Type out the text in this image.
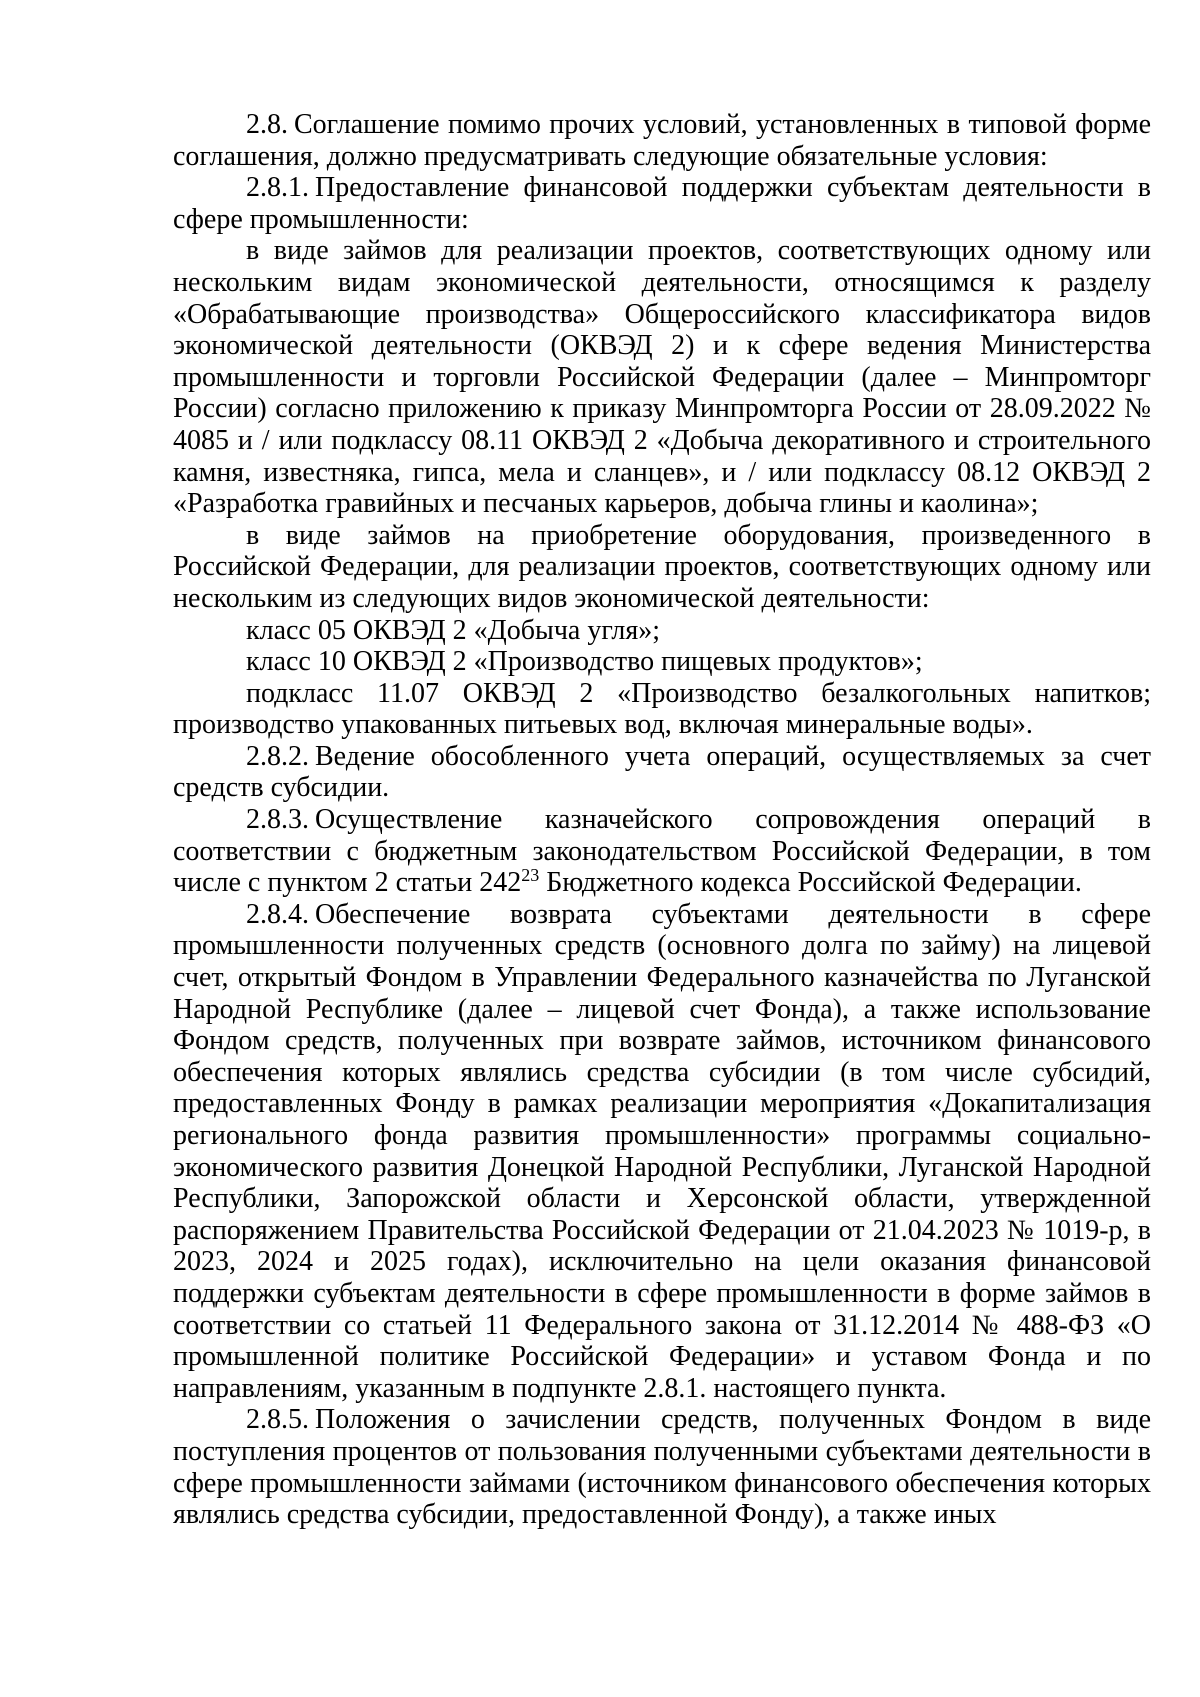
2.8. Соглашение помимо прочих условий, установленных в типовой форме соглашения, должно предусматривать следующие обязательные условия:

2.8.1. Предоставление финансовой поддержки субъектам деятельности в сфере промышленности:

в виде займов для реализации проектов, соответствующих одному или нескольким видам экономической деятельности, относящимся к разделу «Обрабатывающие производства» Общероссийского классификатора видов экономической деятельности (ОКВЭД 2) и к сфере ведения Министерства промышленности и торговли Российской Федерации (далее – Минпромторг России) согласно приложению к приказу Минпромторга России от 28.09.2022 № 4085 и / или подклассу 08.11 ОКВЭД 2 «Добыча декоративного и строительного камня, известняка, гипса, мела и сланцев», и / или подклассу 08.12 ОКВЭД 2 «Разработка гравийных и песчаных карьеров, добыча глины и каолина»;

в виде займов на приобретение оборудования, произведенного в Российской Федерации, для реализации проектов, соответствующих одному или нескольким из следующих видов экономической деятельности:

класс 05 ОКВЭД 2 «Добыча угля»;

класс 10 ОКВЭД 2 «Производство пищевых продуктов»;

подкласс 11.07 ОКВЭД 2 «Производство безалкогольных напитков; производство упакованных питьевых вод, включая минеральные воды».

2.8.2. Ведение обособленного учета операций, осуществляемых за счет средств субсидии.

2.8.3. Осуществление казначейского сопровождения операций в соответствии с бюджетным законодательством Российской Федерации, в том числе с пунктом 2 статьи $242^{23}$ Бюджетного кодекса Российской Федерации.

2.8.4. Обеспечение возврата субъектами деятельности в сфере промышленности полученных средств (основного долга по займу) на лицевой счет, открытый Фондом в Управлении Федерального казначейства по Луганской Народной Республике (далее – лицевой счет Фонда), а также использование Фондом средств, полученных при возврате займов, источником финансового обеспечения которых являлись средства субсидии (в том числе субсидий, предоставленных Фонду в рамках реализации мероприятия «Докапитализация регионального фонда развития промышленности» программы социально-экономического развития Донецкой Народной Республики, Луганской Народной Республики, Запорожской области и Херсонской области, утвержденной распоряжением Правительства Российской Федерации от 21.04.2023 № 1019-р, в 2023, 2024 и 2025 годах), исключительно на цели оказания финансовой поддержки субъектам деятельности в сфере промышленности в форме займов в соответствии со статьей 11 Федерального закона от 31.12.2014 № 488-ФЗ «О промышленной политике Российской Федерации» и уставом Фонда и по направлениям, указанным в подпункте 2.8.1. настоящего пункта.

2.8.5. Положения о зачислении средств, полученных Фондом в виде поступления процентов от пользования полученными субъектами деятельности в сфере промышленности займами (источником финансового обеспечения которых являлись средства субсидии, предоставленной Фонду), а также иных
